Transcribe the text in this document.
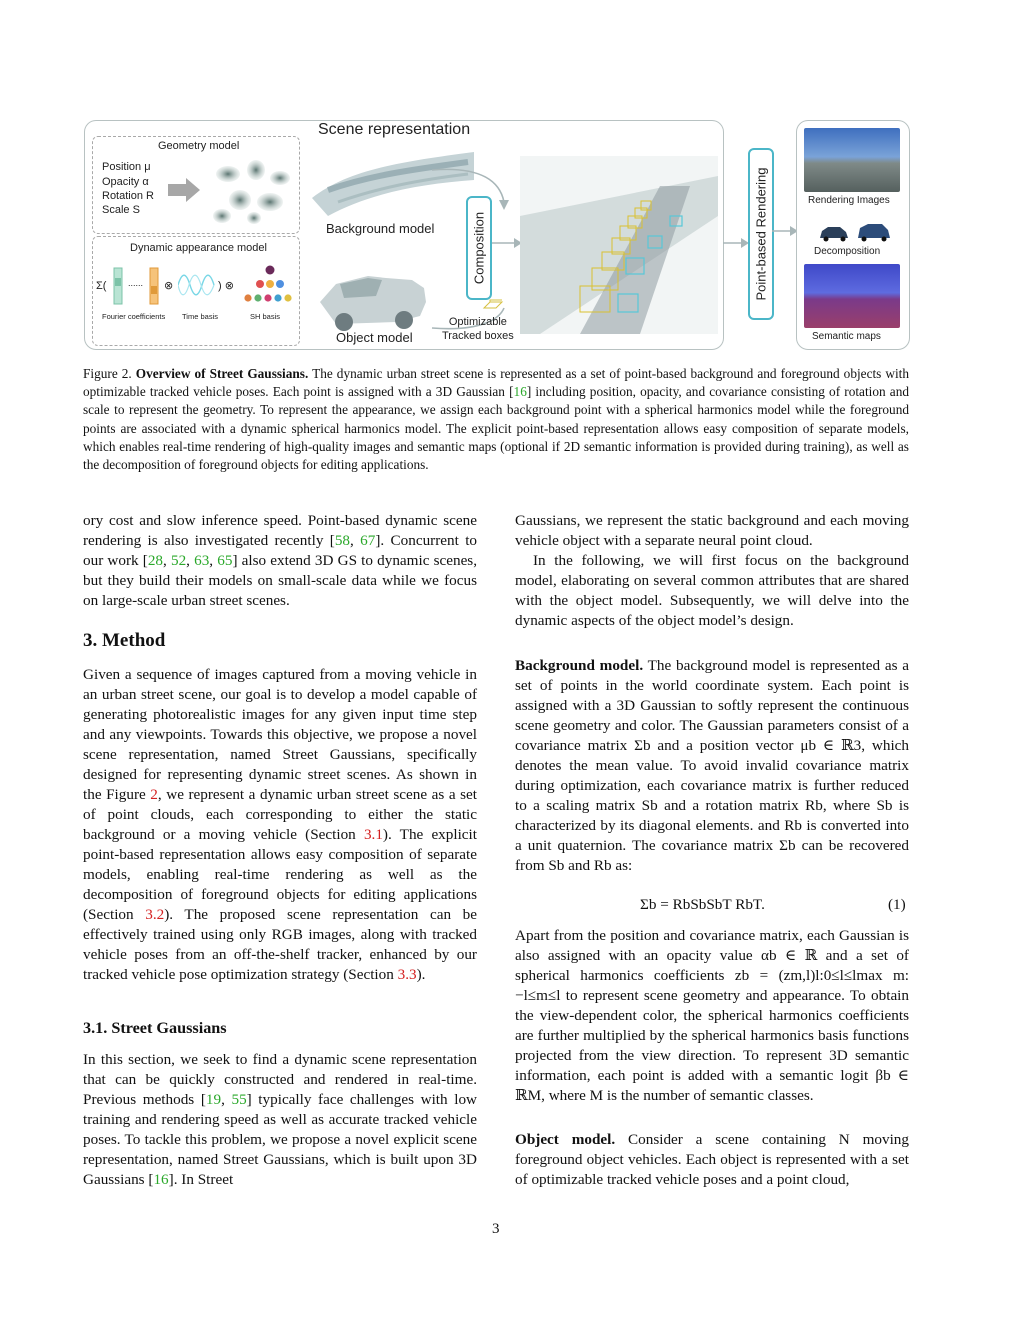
Scene representation
Geometry model
Position μ
Opacity α
Rotation R
Scale S
Dynamic appearance model
Σ( ...... ⊗	) ⊗
Fourier coefficients Time basis	SH basis
Background model
Object model
Composition
Optimizable
Tracked boxes
Point-based Rendering	Rendering Images
Decomposition
Semantic maps
Figure 2. Overview of Street Gaussians. The dynamic urban street scene is represented as a set of point-based background and foreground objects with optimizable tracked vehicle poses. Each point is assigned with a 3D Gaussian [16] including position, opacity, and covariance consisting of rotation and scale to represent the geometry. To represent the appearance, we assign each background point with a spherical harmonics model while the foreground points are associated with a dynamic spherical harmonics model. The explicit point-based representation allows easy composition of separate models, which enables real-time rendering of high-quality images and semantic maps (optional if 2D semantic information is provided during training), as well as the decomposition of foreground objects for editing applications.

ory cost and slow inference speed. Point-based dynamic scene rendering is also investigated recently [58, 67]. Concurrent to our work [28, 52, 63, 65] also extend 3D GS to dynamic scenes, but they build their models on small-scale data while we focus on large-scale urban street scenes.

3. Method

Given a sequence of images captured from a moving vehicle in an urban street scene, our goal is to develop a model capable of generating photorealistic images for any given input time step and any viewpoints. Towards this objective, we propose a novel scene representation, named Street Gaussians, specifically designed for representing dynamic street scenes. As shown in the Figure 2, we represent a dynamic urban street scene as a set of point clouds, each corresponding to either the static background or a moving vehicle (Section 3.1). The explicit point-based representation allows easy composition of separate models, enabling real-time rendering as well as the decomposition of foreground objects for editing applications (Section 3.2). The proposed scene representation can be effectively trained using only RGB images, along with tracked vehicle poses from an off-the-shelf tracker, enhanced by our tracked vehicle pose optimization strategy (Section 3.3).

3.1. Street Gaussians

In this section, we seek to find a dynamic scene representation that can be quickly constructed and rendered in real-time. Previous methods [19, 55] typically face challenges with low training and rendering speed as well as accurate tracked vehicle poses. To tackle this problem, we propose a novel explicit scene representation, named Street Gaussians, which is built upon 3D Gaussians [16]. In Street

Gaussians, we represent the static background and each moving vehicle object with a separate neural point cloud.

In the following, we will first focus on the background model, elaborating on several common attributes that are shared with the object model. Subsequently, we will delve into the dynamic aspects of the object model’s design.

Background model. The background model is represented as a set of points in the world coordinate system. Each point is assigned with a 3D Gaussian to softly represent the continuous scene geometry and color. The Gaussian parameters consist of a covariance matrix Σb and a position vector μb ∈ ℝ3, which denotes the mean value. To avoid invalid covariance matrix during optimization, each covariance matrix is further reduced to a scaling matrix Sb and a rotation matrix Rb, where Sb is characterized by its diagonal elements. and Rb is converted into a unit quaternion. The covariance matrix Σb can be recovered from Sb and Rb as:

Σb = RbSbSbT RbT.	(1)

Apart from the position and covariance matrix, each Gaussian is also assigned with an opacity value αb ∈ ℝ and a set of spherical harmonics coefficients zb = (zm,l)l:0≤l≤lmax m:−l≤m≤l to represent scene geometry and appearance. To obtain the view-dependent color, the spherical harmonics coefficients are further multiplied by the spherical harmonics basis functions projected from the view direction. To represent 3D semantic information, each point is added with a semantic logit βb ∈ ℝM, where M is the number of semantic classes.

Object model. Consider a scene containing N moving foreground object vehicles. Each object is represented with a set of optimizable tracked vehicle poses and a point cloud,

3
